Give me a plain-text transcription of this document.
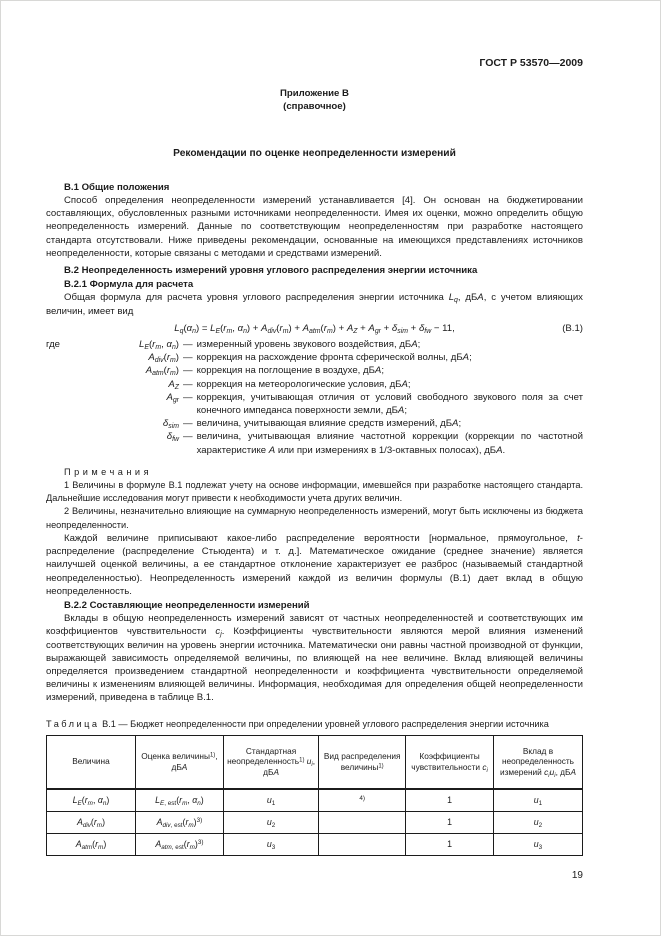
ГОСТ Р 53570—2009
Приложение В
(справочное)
Рекомендации по оценке неопределенности измерений
В.1 Общие положения

Способ определения неопределенности измерений устанавливается [4]. Он основан на бюджетировании составляющих, обусловленных разными источниками неопределенности. Имея их оценки, можно определить общую неопределенность измерений. Данные по соответствующим неопределенностям при разработке настоящего стандарта отсутствовали. Ниже приведены рекомендации, основанные на имеющихся представлениях источников неопределенности, которые связаны с методами и средствами измерений.

В.2 Неопределенность измерений уровня углового распределения энергии источника
В.2.1 Формула для расчета

Общая формула для расчета уровня углового распределения энергии источника $L_q$, дБА, с учетом влияющих величин, имеет вид

$L_q(\alpha_n) = L_E(r_m$, $\alpha_n) + A_{div}(r_m) + A_{atm}(r_m) + A_Z + A_{gr} + \delta_{sim} + \delta_{fw} - 11$,	(В.1)
где	$L_E(r_m$, $\alpha_n$) — измеренный уровень звукового воздействия, дБА;
$A_{div}(r_m)$ — коррекция на расхождение фронта сферической волны, дБА;
$A_{atm}(r_m)$ — коррекция на поглощение в воздухе, дБА;
$A_Z$ — коррекция на метеорологические условия, дБА;
$A_{gr}$ — коррекция, учитывающая отличия от условий свободного звукового поля за счет конечного импеданса поверхности земли, дБА;
$\delta_{sim}$ — величина, учитывающая влияние средств измерений, дБА;
$\delta_{fw}$ — величина, учитывающая влияние частотной коррекции (коррекции по частотной характеристике А или при измерениях в 1/3-октавных полосах), дБА.
Примечания

1 Величины в формуле В.1 подлежат учету на основе информации, имевшейся при разработке настоящего стандарта. Дальнейшие исследования могут привести к необходимости учета других величин.

2 Величины, незначительно влияющие на суммарную неопределенность измерений, могут быть исключены из бюджета неопределенности.

Каждой величине приписывают какое-либо распределение вероятности [нормальное, прямоугольное, t-распределение (распределение Стьюдента) и т. д.]. Математическое ожидание (среднее значение) является наилучшей оценкой величины, а ее стандартное отклонение характеризует ее разброс (называемый стандартной неопределенностью). Неопределенность измерений каждой из величин формулы (В.1) дает вклад в общую неопределенность.

В.2.2 Составляющие неопределенности измерений

Вклады в общую неопределенность измерений зависят от частных неопределенностей и соответствующих им коэффициентов чувствительности $c_j$. Коэффициенты чувствительности являются мерой влияния изменений соответствующих величин на уровень энергии источника. Математически они равны частной производной от функции, выражающей зависимость определяемой величины, по влияющей на нее величине. Вклад влияющей величины определяется произведением стандартной неопределенности и коэффициента чувствительности определяемой величины к изменениям влияющей величины. Информация, необходимая для определения общей неопределенности измерений, приведена в таблице В.1.

Таблица В.1 — Бюджет неопределенности при определении уровней углового распределения энергии источника
Величина	Оценка величины$^{1)}$, дБА	Стандартная неопределенность$^{1)}$ $u_i$, дБА	Вид распределения величины$^{1)}$	Коэффициенты чувствительности $c_i$	Вклад в неопределенность измерений $c_iu_i$, дБА
$L_E(r_m$, $\alpha_n$)	$L_{E, est}(r_m$, $\alpha_n$)	$u_1$	$^{4)}$	1	$u_1$
$A_{div}(r_m)$	$A_{div, est}(r_m)^{3)}$	$u_2$		1	$u_2$
$A_{atm}(r_m)$	$A_{atm, est}(r_m)^{3)}$	$u_3$		1	$u_3$
19
